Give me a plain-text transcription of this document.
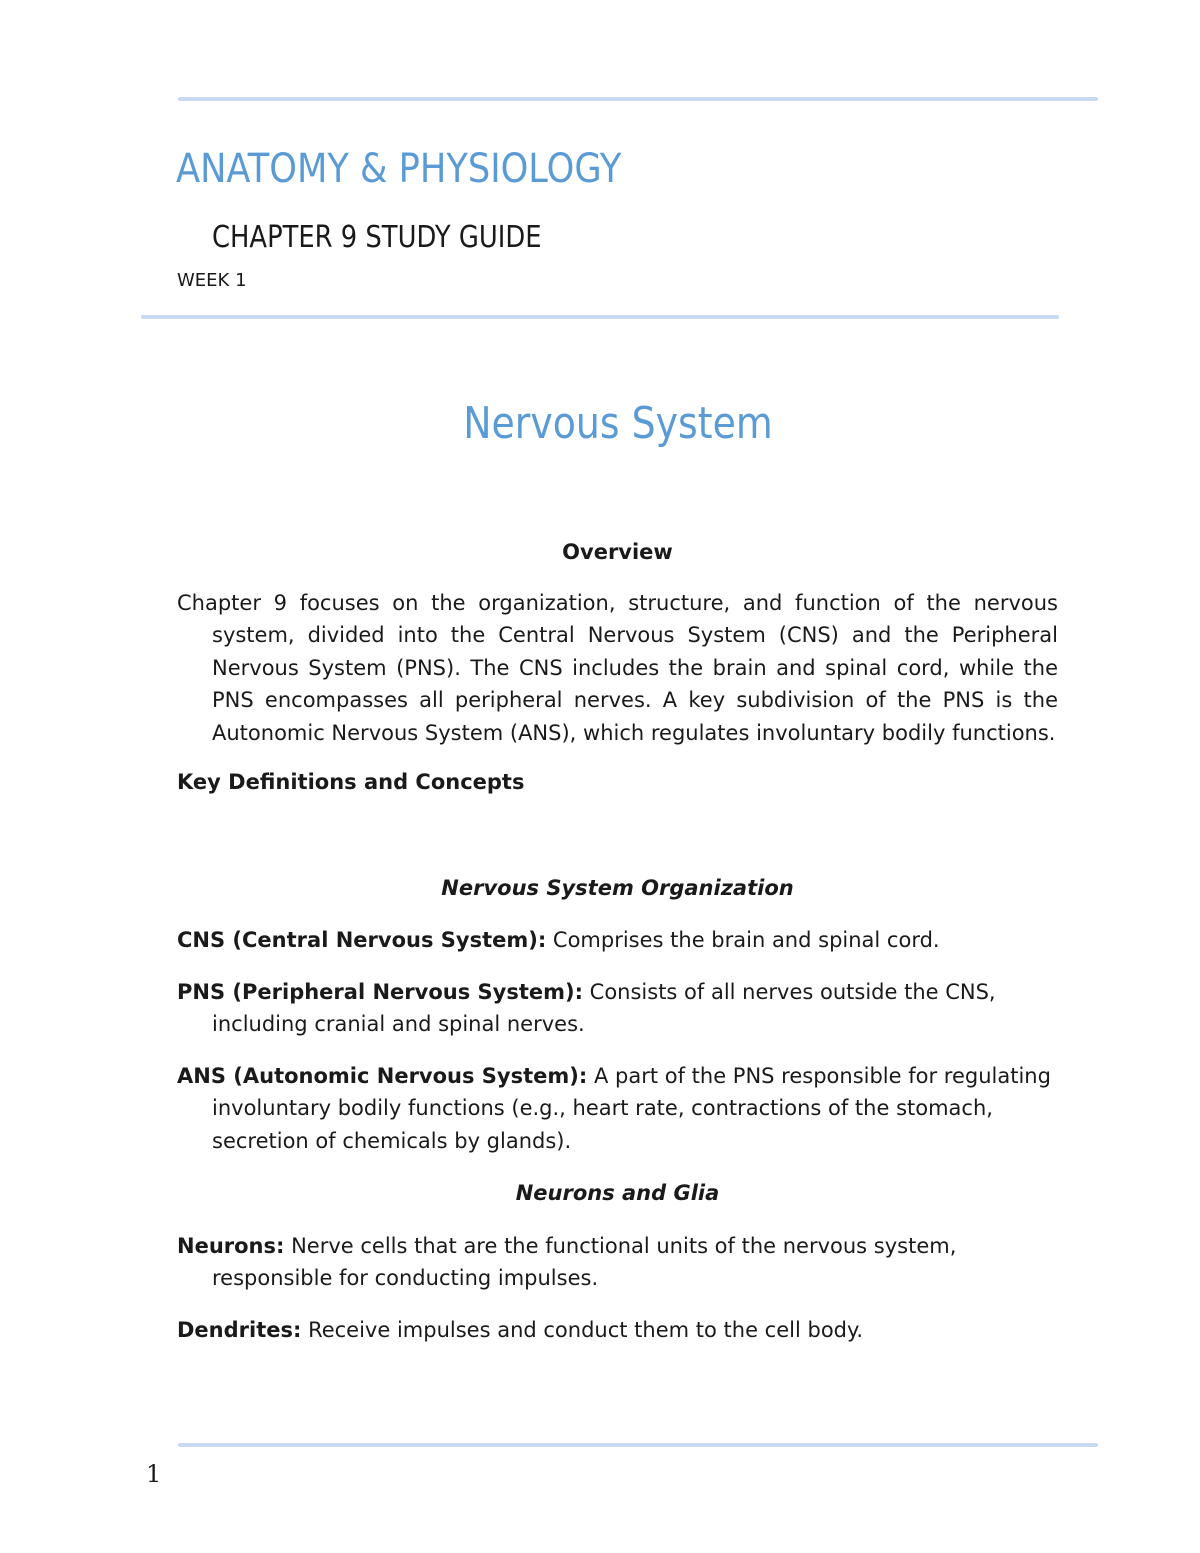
ANATOMY & PHYSIOLOGY
CHAPTER 9 STUDY GUIDE
WEEK 1
Nervous System

Overview

Chapter 9 focuses on the organization, structure, and function of the nervous system, divided into the Central Nervous System (CNS) and the Peripheral Nervous System (PNS). The CNS includes the brain and spinal cord, while the PNS encompasses all peripheral nerves. A key subdivision of the PNS is the Autonomic Nervous System (ANS), which regulates involuntary bodily functions.

Key Definitions and Concepts

Nervous System Organization

CNS (Central Nervous System): Comprises the brain and spinal cord.

PNS (Peripheral Nervous System): Consists of all nerves outside the CNS, including cranial and spinal nerves.

ANS (Autonomic Nervous System): A part of the PNS responsible for regulating involuntary bodily functions (e.g., heart rate, contractions of the stomach, secretion of chemicals by glands).

Neurons and Glia

Neurons: Nerve cells that are the functional units of the nervous system, responsible for conducting impulses.

Dendrites: Receive impulses and conduct them to the cell body.

1
